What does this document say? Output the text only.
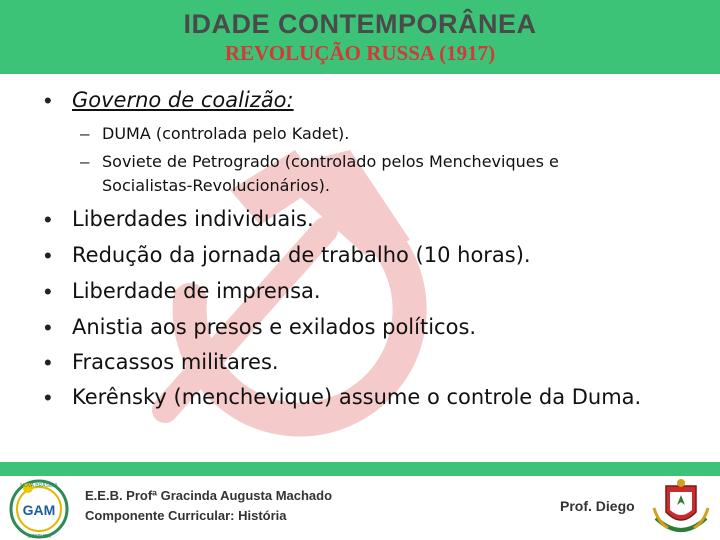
IDADE CONTEMPORÂNEA
REVOLUÇÃO RUSSA (1917)
• Governo de coalizão:
– DUMA (controlada pelo Kadet).
– Soviete de Petrogrado (controlado pelos Mencheviques e
Socialistas-Revolucionários).
• Liberdades individuais.
• Redução da jornada de trabalho (10 horas).
• Liberdade de imprensa.
• Anistia aos presos e exilados políticos.
• Fracassos militares.
• Kerênsky (menchevique) assume o controle da Duma.
GAM
NOVA BRASÍLIA
IMBITUBA
E.E.B. Profª Gracinda Augusta Machado
Componente Curricular: História
Prof. Diego
